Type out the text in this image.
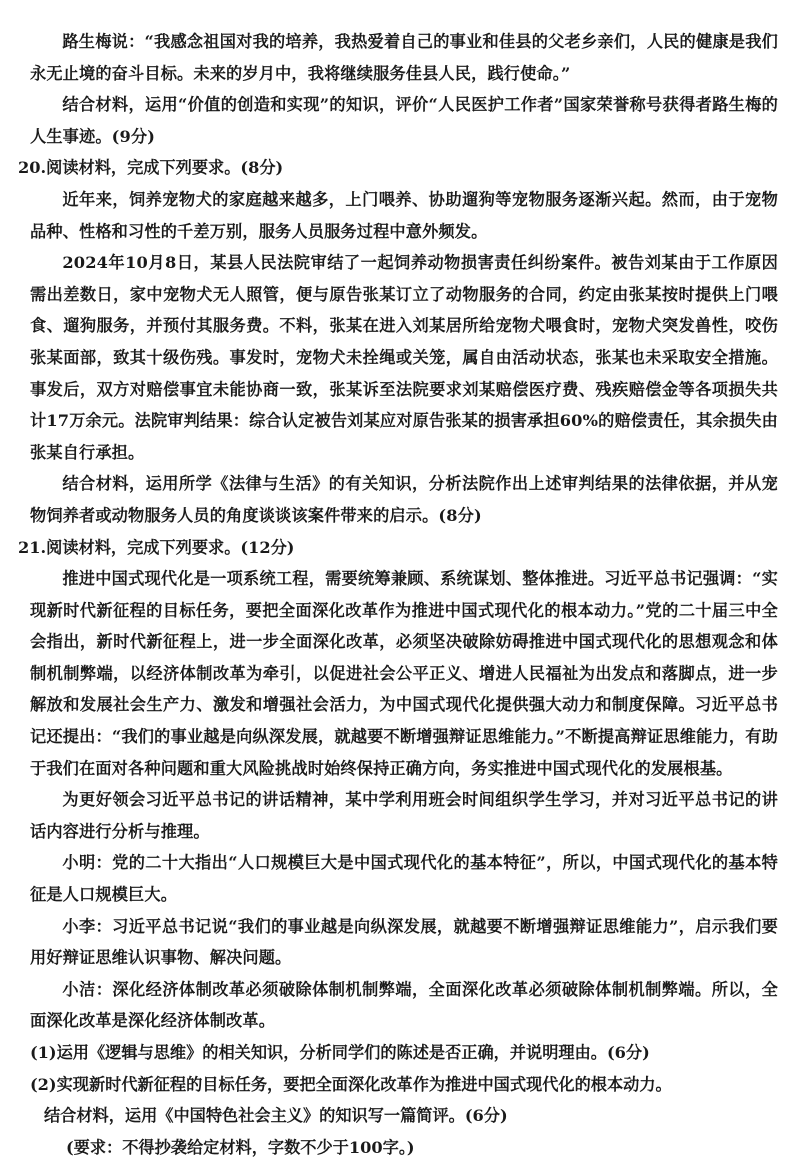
路生梅说：“我感念祖国对我的培养，我热爱着自己的事业和佳县的父老乡亲们，人民的健康是我们永无止境的奋斗目标。未来的岁月中，我将继续服务佳县人民，践行使命。”

结合材料，运用“价值的创造和实现”的知识，评价“人民医护工作者”国家荣誉称号获得者路生梅的人生事迹。(9分)

20.阅读材料，完成下列要求。(8分)

近年来，饲养宠物犬的家庭越来越多，上门喂养、协助遛狗等宠物服务逐渐兴起。然而，由于宠物品种、性格和习性的千差万别，服务人员服务过程中意外频发。

2024年10月8日，某县人民法院审结了一起饲养动物损害责任纠纷案件。被告刘某由于工作原因需出差数日，家中宠物犬无人照管，便与原告张某订立了动物服务的合同，约定由张某按时提供上门喂食、遛狗服务，并预付其服务费。不料，张某在进入刘某居所给宠物犬喂食时，宠物犬突发兽性，咬伤张某面部，致其十级伤残。事发时，宠物犬未拴绳或关笼，属自由活动状态，张某也未采取安全措施。事发后，双方对赔偿事宜未能协商一致，张某诉至法院要求刘某赔偿医疗费、残疾赔偿金等各项损失共计17万余元。法院审判结果：综合认定被告刘某应对原告张某的损害承担60%的赔偿责任，其余损失由张某自行承担。

结合材料，运用所学《法律与生活》的有关知识，分析法院作出上述审判结果的法律依据，并从宠物饲养者或动物服务人员的角度谈谈该案件带来的启示。(8分)

21.阅读材料，完成下列要求。(12分)

推进中国式现代化是一项系统工程，需要统筹兼顾、系统谋划、整体推进。习近平总书记强调：“实现新时代新征程的目标任务，要把全面深化改革作为推进中国式现代化的根本动力。”党的二十届三中全会指出，新时代新征程上，进一步全面深化改革，必须坚决破除妨碍推进中国式现代化的思想观念和体制机制弊端，以经济体制改革为牵引，以促进社会公平正义、增进人民福祉为出发点和落脚点，进一步解放和发展社会生产力、激发和增强社会活力，为中国式现代化提供强大动力和制度保障。习近平总书记还提出：“我们的事业越是向纵深发展，就越要不断增强辩证思维能力。”不断提高辩证思维能力，有助于我们在面对各种问题和重大风险挑战时始终保持正确方向，务实推进中国式现代化的发展根基。

为更好领会习近平总书记的讲话精神，某中学利用班会时间组织学生学习，并对习近平总书记的讲话内容进行分析与推理。

小明：党的二十大指出“人口规模巨大是中国式现代化的基本特征”，所以，中国式现代化的基本特征是人口规模巨大。

小李：习近平总书记说“我们的事业越是向纵深发展，就越要不断增强辩证思维能力”，启示我们要用好辩证思维认识事物、解决问题。

小洁：深化经济体制改革必须破除体制机制弊端，全面深化改革必须破除体制机制弊端。所以，全面深化改革是深化经济体制改革。

(1)运用《逻辑与思维》的相关知识，分析同学们的陈述是否正确，并说明理由。(6分)

(2)实现新时代新征程的目标任务，要把全面深化改革作为推进中国式现代化的根本动力。

结合材料，运用《中国特色社会主义》的知识写一篇简评。(6分)

(要求：不得抄袭给定材料，字数不少于100字。)
